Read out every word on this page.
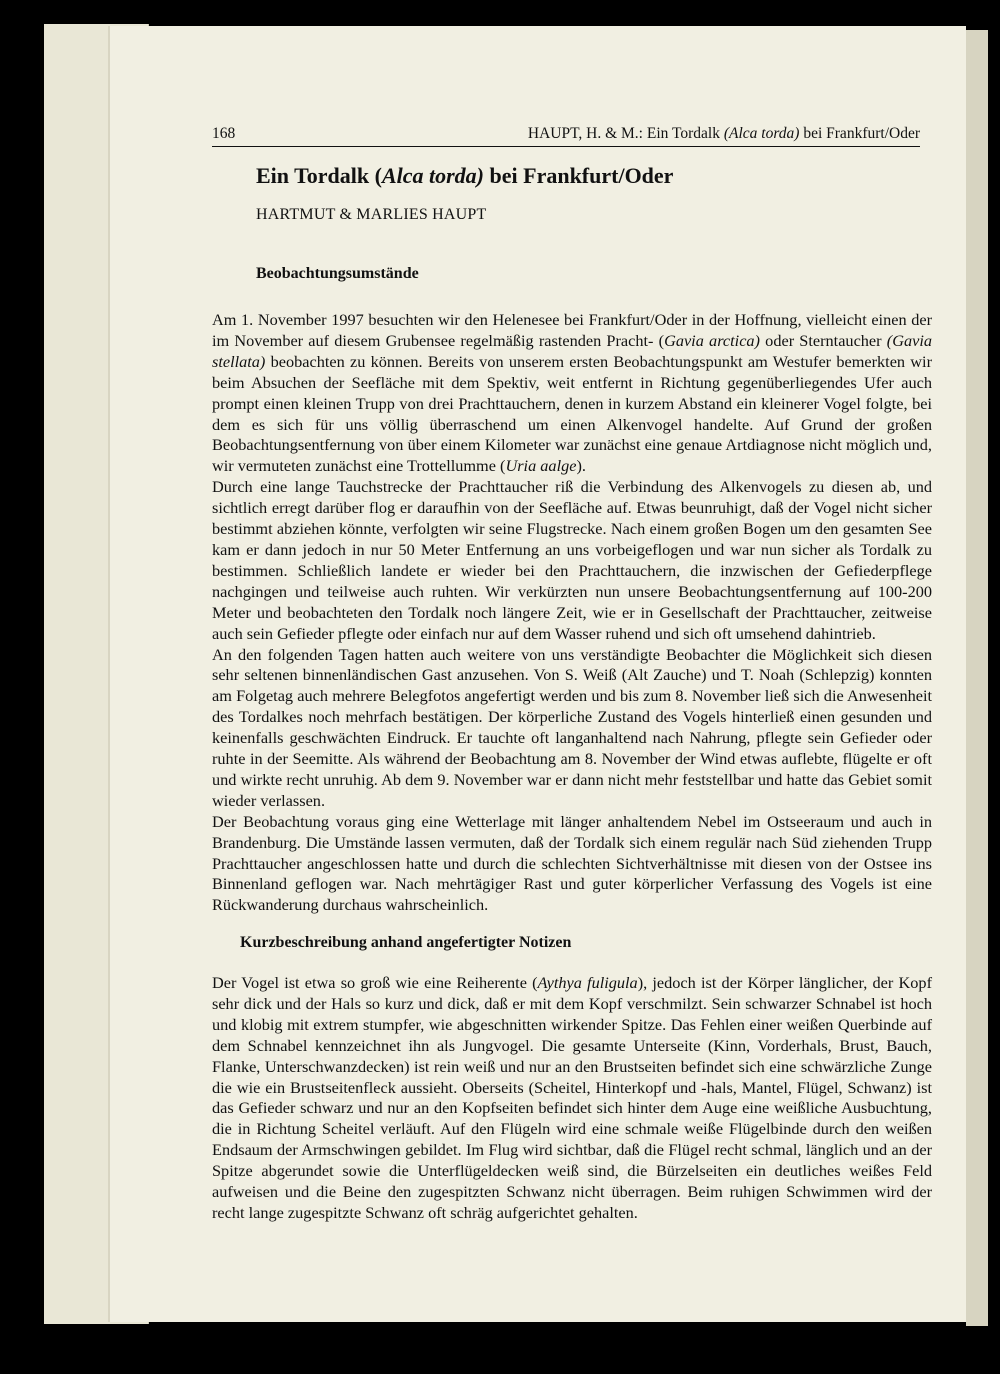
168	HAUPT, H. & M.: Ein Tordalk (Alca torda) bei Frankfurt/Oder
Ein Tordalk (Alca torda) bei Frankfurt/Oder
HARTMUT & MARLIES HAUPT
Beobachtungsumstände

Am 1. November 1997 besuchten wir den Helenesee bei Frankfurt/Oder in der Hoffnung, vielleicht einen der im November auf diesem Grubensee regelmäßig rastenden Pracht- (Gavia arctica) oder Sterntaucher (Gavia stellata) beobachten zu können. Bereits von unserem ersten Beobachtungspunkt am Westufer bemerkten wir beim Absuchen der Seefläche mit dem Spektiv, weit entfernt in Richtung gegenüberliegendes Ufer auch prompt einen kleinen Trupp von drei Prachttauchern, denen in kurzem Abstand ein kleinerer Vogel folgte, bei dem es sich für uns völlig überraschend um einen Alkenvogel handelte. Auf Grund der großen Beobachtungsentfernung von über einem Kilometer war zunächst eine genaue Artdiagnose nicht möglich und, wir vermuteten zunächst eine Trottellumme (Uria aalge).

Durch eine lange Tauchstrecke der Prachttaucher riß die Verbindung des Alkenvogels zu diesen ab, und sichtlich erregt darüber flog er daraufhin von der Seefläche auf. Etwas beunruhigt, daß der Vogel nicht sicher bestimmt abziehen könnte, verfolgten wir seine Flugstrecke. Nach einem großen Bogen um den gesamten See kam er dann jedoch in nur 50 Meter Entfernung an uns vorbeigeflogen und war nun sicher als Tordalk zu bestimmen. Schließlich landete er wieder bei den Prachttauchern, die inzwischen der Gefiederpflege nachgingen und teilweise auch ruhten. Wir verkürzten nun unsere Beobachtungsentfernung auf 100-200 Meter und beobachteten den Tordalk noch längere Zeit, wie er in Gesellschaft der Prachttaucher, zeitweise auch sein Gefieder pflegte oder einfach nur auf dem Wasser ruhend und sich oft umsehend dahintrieb.

An den folgenden Tagen hatten auch weitere von uns verständigte Beobachter die Möglichkeit sich diesen sehr seltenen binnenländischen Gast anzusehen. Von S. Weiß (Alt Zauche) und T. Noah (Schlepzig) konnten am Folgetag auch mehrere Belegfotos angefertigt werden und bis zum 8. November ließ sich die Anwesenheit des Tordalkes noch mehrfach bestätigen. Der körperliche Zustand des Vogels hinterließ einen gesunden und keinenfalls geschwächten Eindruck. Er tauchte oft langanhaltend nach Nahrung, pflegte sein Gefieder oder ruhte in der Seemitte. Als während der Beobachtung am 8. November der Wind etwas auflebte, flügelte er oft und wirkte recht unruhig. Ab dem 9. November war er dann nicht mehr feststellbar und hatte das Gebiet somit wieder verlassen.

Der Beobachtung voraus ging eine Wetterlage mit länger anhaltendem Nebel im Ostseeraum und auch in Brandenburg. Die Umstände lassen vermuten, daß der Tordalk sich einem regulär nach Süd ziehenden Trupp Prachttaucher angeschlossen hatte und durch die schlechten Sichtverhältnisse mit diesen von der Ostsee ins Binnenland geflogen war. Nach mehrtägiger Rast und guter körperlicher Verfassung des Vogels ist eine Rückwanderung durchaus wahrscheinlich.

Kurzbeschreibung anhand angefertigter Notizen

Der Vogel ist etwa so groß wie eine Reiherente (Aythya fuligula), jedoch ist der Körper länglicher, der Kopf sehr dick und der Hals so kurz und dick, daß er mit dem Kopf verschmilzt. Sein schwarzer Schnabel ist hoch und klobig mit extrem stumpfer, wie abgeschnitten wirkender Spitze. Das Fehlen einer weißen Querbinde auf dem Schnabel kennzeichnet ihn als Jungvogel. Die gesamte Unterseite (Kinn, Vorderhals, Brust, Bauch, Flanke, Unterschwanzdecken) ist rein weiß und nur an den Brustseiten befindet sich eine schwärzliche Zunge die wie ein Brustseitenfleck aussieht. Oberseits (Scheitel, Hinterkopf und -hals, Mantel, Flügel, Schwanz) ist das Gefieder schwarz und nur an den Kopfseiten befindet sich hinter dem Auge eine weißliche Ausbuchtung, die in Richtung Scheitel verläuft. Auf den Flügeln wird eine schmale weiße Flügelbinde durch den weißen Endsaum der Armschwingen gebildet. Im Flug wird sichtbar, daß die Flügel recht schmal, länglich und an der Spitze abgerundet sowie die Unterflügeldecken weiß sind, die Bürzelseiten ein deutliches weißes Feld aufweisen und die Beine den zugespitzten Schwanz nicht überragen. Beim ruhigen Schwimmen wird der recht lange zugespitzte Schwanz oft schräg aufgerichtet gehalten.
